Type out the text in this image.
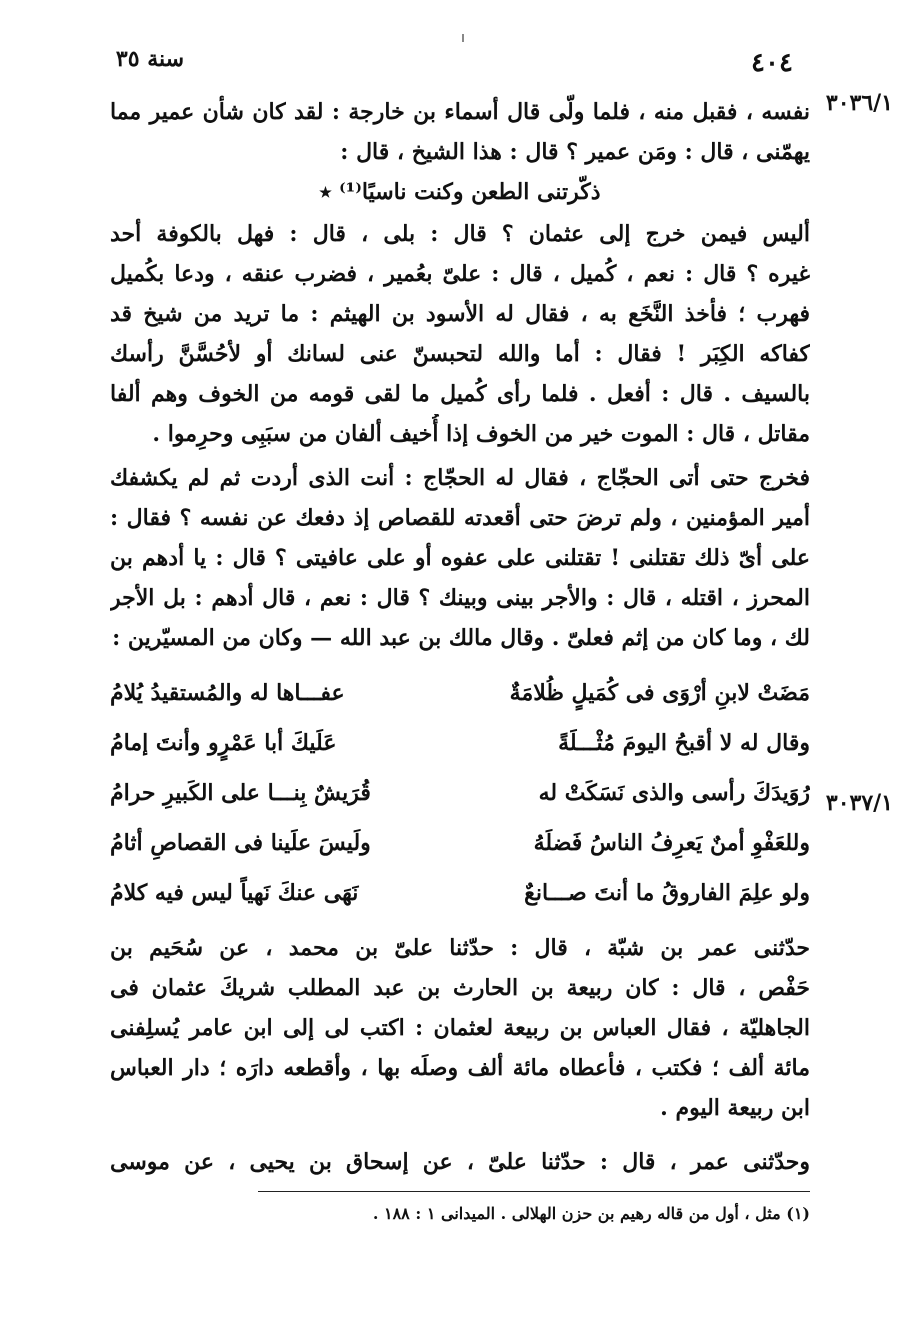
٤٠٤
سنة ٣٥
٣٠٣٦/١
٣٠٣٧/١
نفسه ، فقبل منه ، فلما ولّى قال أسماء بن خارجة : لقد كان شأن عمير مما
يهمّنى ، قال : ومَن عمير ؟ قال : هذا الشيخ ، قال :
ذكّرتنى الطعن وكنت ناسيًا⁽¹⁾ ٭
أليس فيمن خرج إلى عثمان ؟ قال : بلى ، قال : فهل بالكوفة أحد
غيره ؟ قال : نعم ، كُميل ، قال : علىّ بعُمير ، فضرب عنقه ، ودعا بكُميل
فهرب ؛ فأخذ النَّخَع به ، فقال له الأسود بن الهيثم : ما تريد من شيخ قد
كفاكه الكِبَر ! فقال : أما والله لتحبسنّ عنى لسانك أو لأحُسَّنَّ رأسك
بالسيف . قال : أفعل . فلما رأى كُميل ما لقى قومه من الخوف وهم ألفا
مقاتل ، قال : الموت خير من الخوف إذا أُخيف ألفان من سبَبِى وحرِموا .
فخرج حتى أتى الحجّاج ، فقال له الحجّاج : أنت الذى أردت ثم لم يكشفك
أمير المؤمنين ، ولم ترضَ حتى أقعدته للقصاص إذ دفعك عن نفسه ؟ فقال :
على أىّ ذلك تقتلنى ! تقتلنى على عفوه أو على عافيتى ؟ قال : يا أدهم بن
المحرز ، اقتله ، قال : والأجر بينى وبينك ؟ قال : نعم ، قال أدهم : بل الأجر
لك ، وما كان من إثم فعلىّ . وقال مالك بن عبد الله — وكان من المسيّرين :
مَضَتْ لابنِ أرْوَى فى كُمَيلٍ ظُلامَةٌ
عفـــاها له والمُستقيدُ يُلامُ
وقال له لا أقبحُ اليومَ مُثْـــلَةً
عَلَيكَ أبا عَمْرٍو وأنتَ إمامُ
رُوَيدَكَ رأسى والذى نَسَكَتْ له
قُرَيشٌ بِنـــا على الكَبيرِ حرامُ
وللعَفْوِ أمنٌ يَعرِفُ الناسُ فَضلَهُ
ولَيسَ علَينا فى القصاصِ أثامُ
ولو علِمَ الفاروقُ ما أنتَ صـــانعٌ
نَهَى عنكَ نَهياً ليس فيه كلامُ
حدّثنى عمر بن شبّة ، قال : حدّثنا علىّ بن محمد ، عن سُحَيم بن
حَفْص ، قال : كان ربيعة بن الحارث بن عبد المطلب شريكَ عثمان فى
الجاهليّة ، فقال العباس بن ربيعة لعثمان : اكتب لى إلى ابن عامر يُسلِفنى
مائة ألف ؛ فكتب ، فأعطاه مائة ألف وصلَه بها ، وأقطعه دارَه ؛ دار العباس
ابن ربيعة اليوم .
وحدّثنى عمر ، قال : حدّثنا علىّ ، عن إسحاق بن يحيى ، عن موسى
(١) مثل ، أول من قاله رهيم بن حزن الهلالى . الميدانى ١ : ١٨٨ .
